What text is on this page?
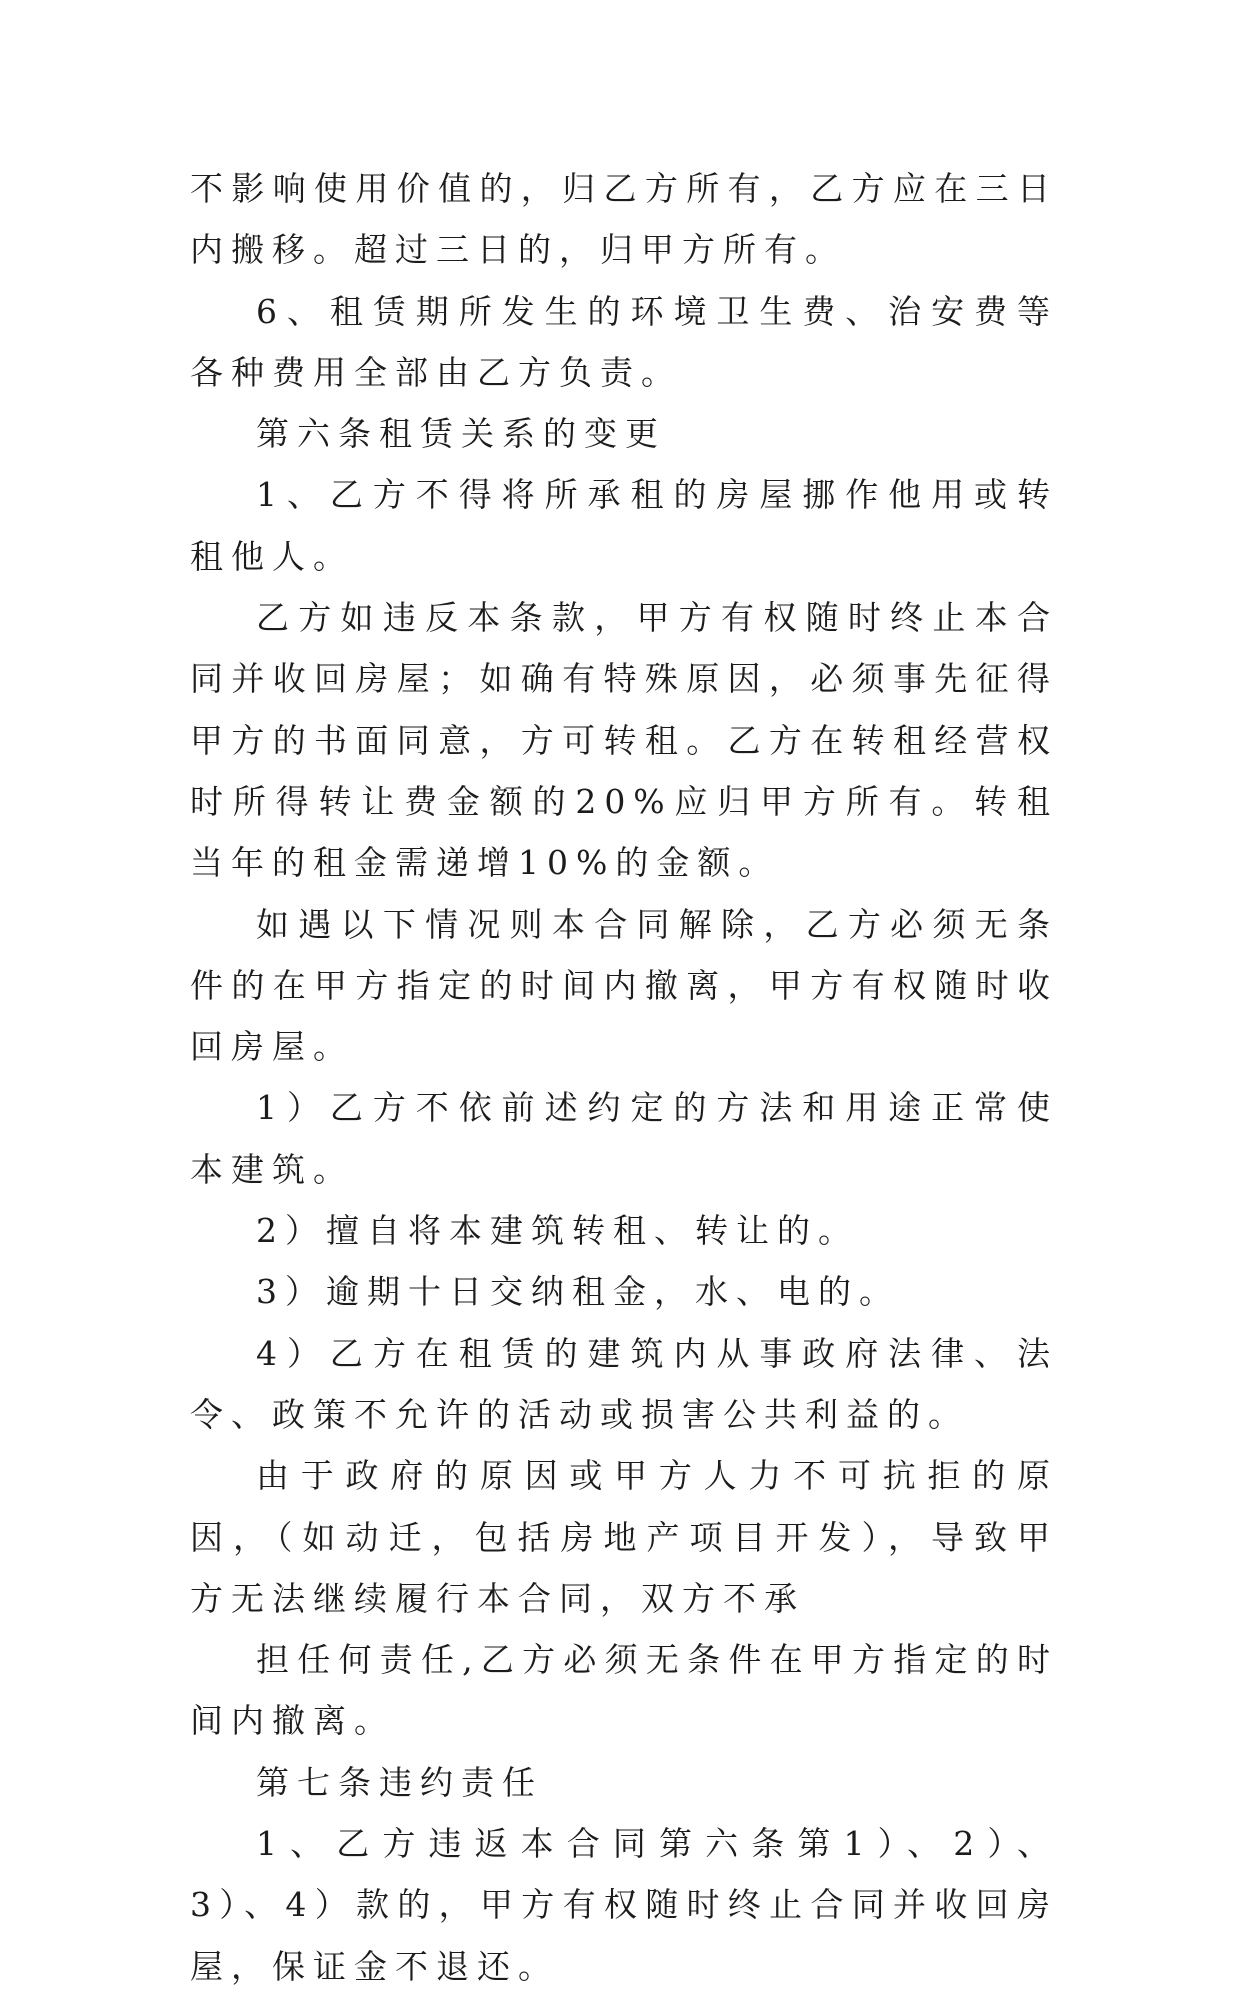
不影响使用价值的，归乙方所有，乙方应在三日内搬移。超过三日的，归甲方所有。

6、租赁期所发生的环境卫生费、治安费等各种费用全部由乙方负责。

第六条租赁关系的变更

1、乙方不得将所承租的房屋挪作他用或转租他人。

乙方如违反本条款，甲方有权随时终止本合同并收回房屋；如确有特殊原因，必须事先征得甲方的书面同意，方可转租。乙方在转租经营权时所得转让费金额的20%应归甲方所有。转租当年的租金需递增10%的金额。

如遇以下情况则本合同解除，乙方必须无条件的在甲方指定的时间内撤离，甲方有权随时收回房屋。

1）乙方不依前述约定的方法和用途正常使本建筑。

2）擅自将本建筑转租、转让的。

3）逾期十日交纳租金，水、电的。

4）乙方在租赁的建筑内从事政府法律、法令、政策不允许的活动或损害公共利益的。

由于政府的原因或甲方人力不可抗拒的原因，（如动迁，包括房地产项目开发），导致甲方无法继续履行本合同，双方不承

担任何责任,乙方必须无条件在甲方指定的时间内撤离。

第七条违约责任

1、乙方违返本合同第六条第1）、2）、3）、4）款的，甲方有权随时终止合同并收回房屋，保证金不退还。
